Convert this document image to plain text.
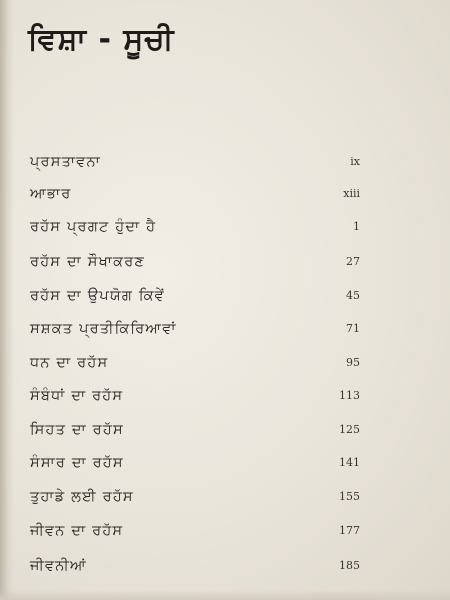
ਵਿਸ਼ਾ - ਸੂਚੀ
ਪ੍ਰਸਤਾਵਨਾ	ix
ਆਭਾਰ	xiii
ਰਹੱਸ ਪ੍ਰਗਟ ਹੁੰਦਾ ਹੈ	1
ਰਹੱਸ ਦਾ ਸੌਖਾਕਰਣ	27
ਰਹੱਸ ਦਾ ਉਪਯੋਗ ਕਿਵੇਂ	45
ਸਸ਼ਕਤ ਪ੍ਰਤੀਕਿਰਿਆਵਾਂ	71
ਧਨ ਦਾ ਰਹੱਸ	95
ਸੰਬੰਧਾਂ ਦਾ ਰਹੱਸ	113
ਸਿਹਤ ਦਾ ਰਹੱਸ	125
ਸੰਸਾਰ ਦਾ ਰਹੱਸ	141
ਤੁਹਾਡੇ ਲਈ ਰਹੱਸ	155
ਜੀਵਨ ਦਾ ਰਹੱਸ	177
ਜੀਵਨੀਆਂ	185
